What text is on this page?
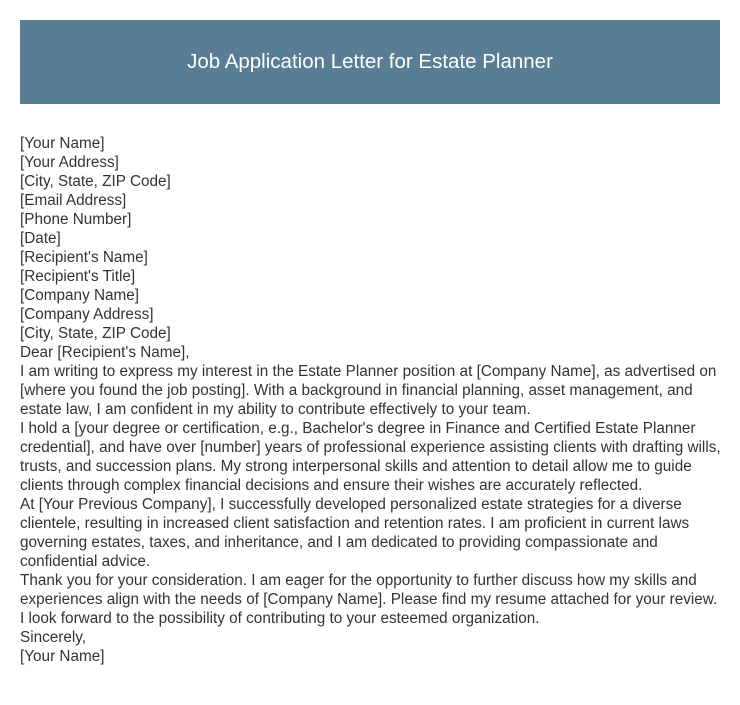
Job Application Letter for Estate Planner

[Your Name]

[Your Address]

[City, State, ZIP Code]

[Email Address]

[Phone Number]

[Date]

[Recipient's Name]

[Recipient's Title]

[Company Name]

[Company Address]

[City, State, ZIP Code]

Dear [Recipient's Name],

I am writing to express my interest in the Estate Planner position at [Company Name], as advertised on [where you found the job posting]. With a background in financial planning, asset management, and estate law, I am confident in my ability to contribute effectively to your team.

I hold a [your degree or certification, e.g., Bachelor's degree in Finance and Certified Estate Planner credential], and have over [number] years of professional experience assisting clients with drafting wills, trusts, and succession plans. My strong interpersonal skills and attention to detail allow me to guide clients through complex financial decisions and ensure their wishes are accurately reflected.

At [Your Previous Company], I successfully developed personalized estate strategies for a diverse clientele, resulting in increased client satisfaction and retention rates. I am proficient in current laws governing estates, taxes, and inheritance, and I am dedicated to providing compassionate and confidential advice.

Thank you for your consideration. I am eager for the opportunity to further discuss how my skills and experiences align with the needs of [Company Name]. Please find my resume attached for your review. I look forward to the possibility of contributing to your esteemed organization.

Sincerely,

[Your Name]
